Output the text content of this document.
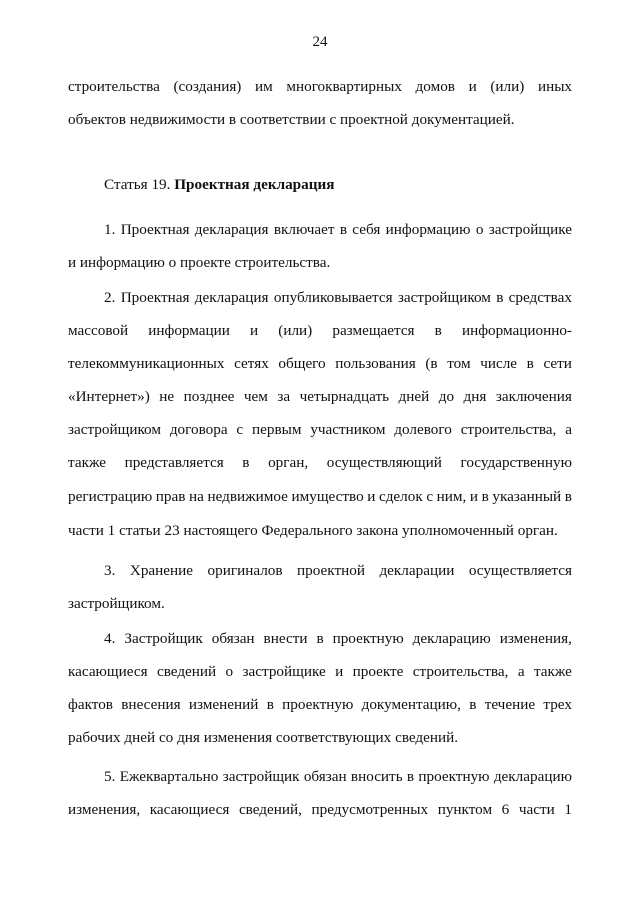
24
строительства (создания) им многоквартирных домов и (или) иных
объектов недвижимости в соответствии с проектной документацией.
Статья 19. Проектная декларация
1. Проектная декларация включает в себя информацию о застройщике
и информацию о проекте строительства.
2. Проектная декларация опубликовывается застройщиком в средствах
массовой информации и (или) размещается в информационно-
телекоммуникационных сетях общего пользования (в том числе в сети
«Интернет») не позднее чем за четырнадцать дней до дня заключения
застройщиком договора с первым участником долевого строительства, а
также представляется в орган, осуществляющий государственную
регистрацию прав на недвижимое имущество и сделок с ним, и в указанный в
части 1 статьи 23 настоящего Федерального закона уполномоченный орган.
3. Хранение оригиналов проектной декларации осуществляется
застройщиком.
4. Застройщик обязан внести в проектную декларацию изменения,
касающиеся сведений о застройщике и проекте строительства, а также
фактов внесения изменений в проектную документацию, в течение трех
рабочих дней со дня изменения соответствующих сведений.
5. Ежеквартально застройщик обязан вносить в проектную декларацию
изменения, касающиеся сведений, предусмотренных пунктом 6 части 1
